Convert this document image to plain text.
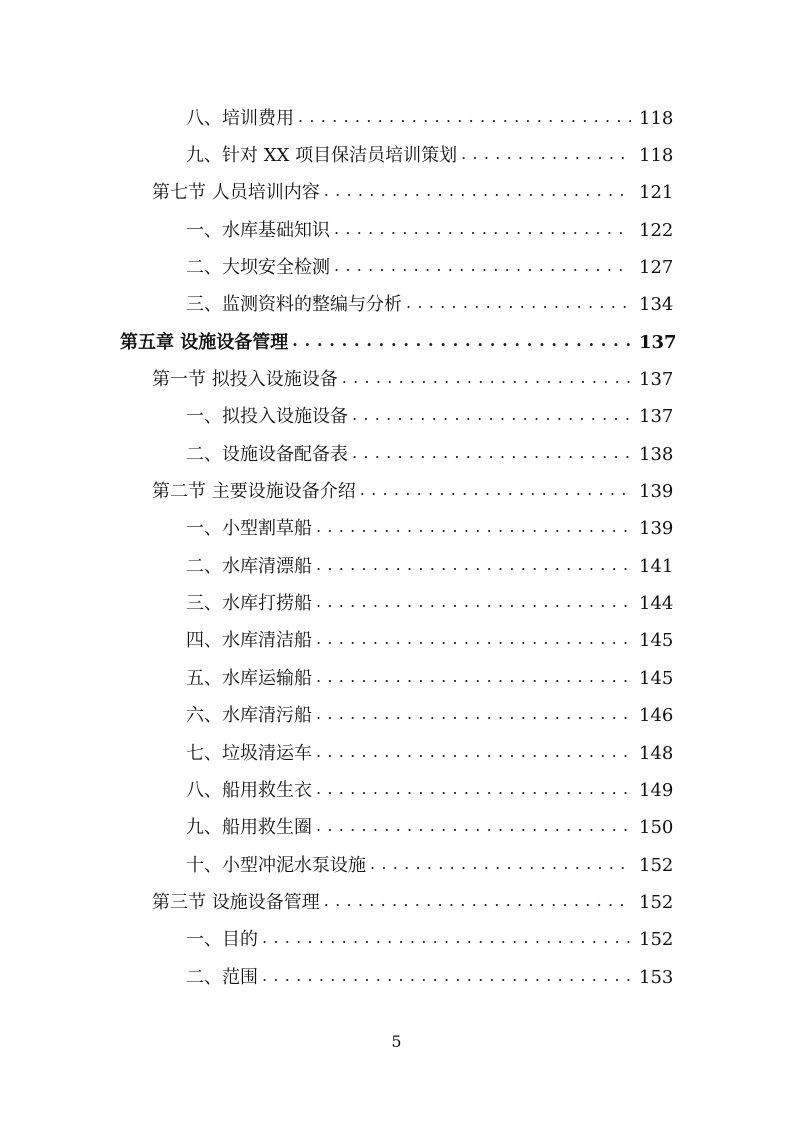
八、培训费用 . . .	118
九、针对 XX 项目保洁员培训策划 . . .	118
第七节 人员培训内容 . . .	121
一、水库基础知识 . . .	122
二、大坝安全检测 . . .	127
三、监测资料的整编与分析 . . .	134
第五章 设施设备管理 . . .	137
第一节 拟投入设施设备 . . .	137
一、拟投入设施设备 . . .	137
二、设施设备配备表 . . .	138
第二节 主要设施设备介绍 . . .	139
一、小型割草船 . . .	139
二、水库清漂船 . . .	141
三、水库打捞船 . . .	144
四、水库清洁船 . . .	145
五、水库运输船 . . .	145
六、水库清污船 . . .	146
七、垃圾清运车 . . .	148
八、船用救生衣 . . .	149
九、船用救生圈 . . .	150
十、小型冲泥水泵设施 . . .	152
第三节 设施设备管理 . . .	152
一、目的 . . .	152
二、范围 . . .	153
5
